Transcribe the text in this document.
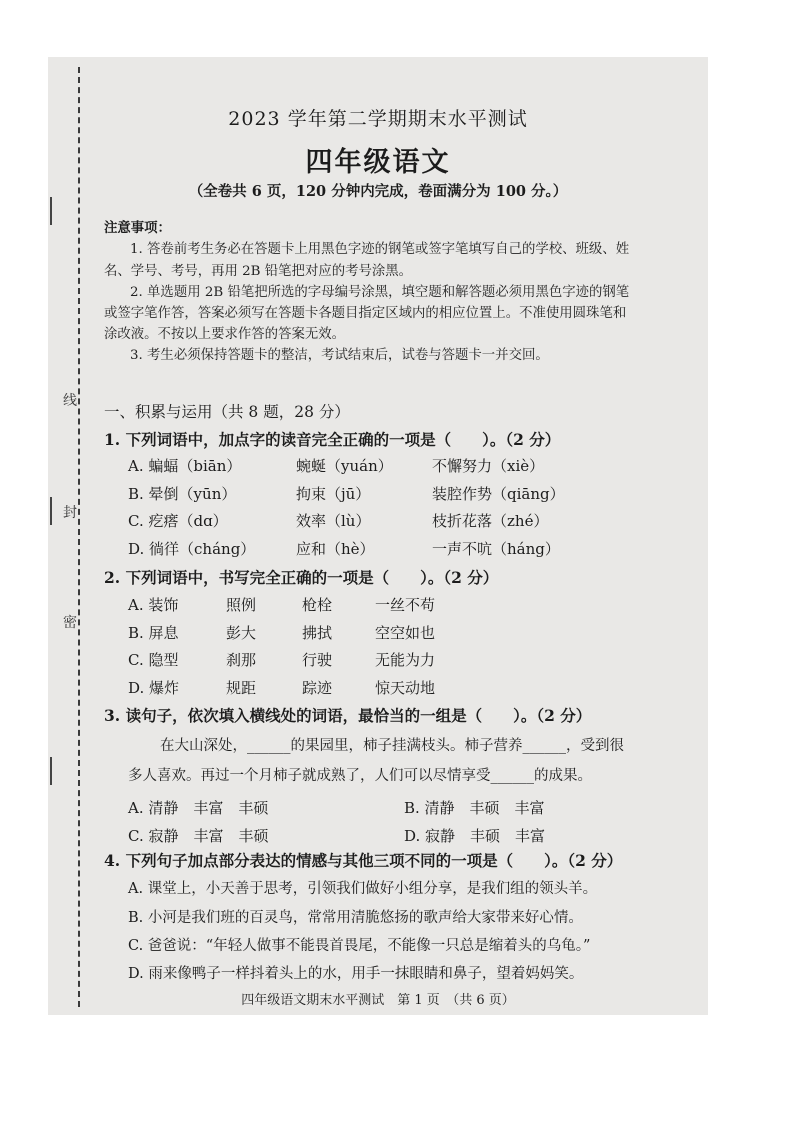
线
封
密
2023 学年第二学期期末水平测试
四年级语文
（全卷共 6 页，120 分钟内完成，卷面满分为 100 分。）
注意事项：
1. 答卷前考生务必在答题卡上用黑色字迹的钢笔或签字笔填写自己的学校、班级、姓
名、学号、考号，再用 2B 铅笔把对应的考号涂黑。
2. 单选题用 2B 铅笔把所选的字母编号涂黑，填空题和解答题必须用黑色字迹的钢笔
或签字笔作答，答案必须写在答题卡各题目指定区域内的相应位置上。不准使用圆珠笔和
涂改液。不按以上要求作答的答案无效。
3. 考生必须保持答题卡的整洁，考试结束后，试卷与答题卡一并交回。
一、积累与运用（共 8 题，28 分）
1. 下列词语中，加点字的读音完全正确的一项是（　　）。（2 分）
A. 蝙蝠（biān）	蜿蜒（yuán）	不懈努力（xiè）
B. 晕倒（yūn）	拘束（jū）	装腔作势（qiāng）
C. 疙瘩（dɑ）	效率（lù）	枝折花落（zhé）
D. 徜徉（cháng）	应和（hè）	一声不吭（háng）
2. 下列词语中，书写完全正确的一项是（　　）。（2 分）
A. 装饰	照例	枪栓	一丝不苟
B. 屏息	彭大	拂拭	空空如也
C. 隐型	刹那	行驶	无能为力
D. 爆炸	规距	踪迹	惊天动地
3. 读句子，依次填入横线处的词语，最恰当的一组是（　　）。（2 分）
在大山深处，______的果园里，柿子挂满枝头。柿子营养______，受到很
多人喜欢。再过一个月柿子就成熟了，人们可以尽情享受______的成果。
A. 清静　丰富　丰硕	B. 清静　丰硕　丰富
C. 寂静　丰富　丰硕	D. 寂静　丰硕　丰富
4. 下列句子加点部分表达的情感与其他三项不同的一项是（　　）。（2 分）
A. 课堂上，小天善于思考，引领我们做好小组分享，是我们组的领头羊。
B. 小河是我们班的百灵鸟，常常用清脆悠扬的歌声给大家带来好心情。
C. 爸爸说：“年轻人做事不能畏首畏尾，不能像一只总是缩着头的乌龟。”
D. 雨来像鸭子一样抖着头上的水，用手一抹眼睛和鼻子，望着妈妈笑。
四年级语文期末水平测试　第 1 页　（共 6 页）
